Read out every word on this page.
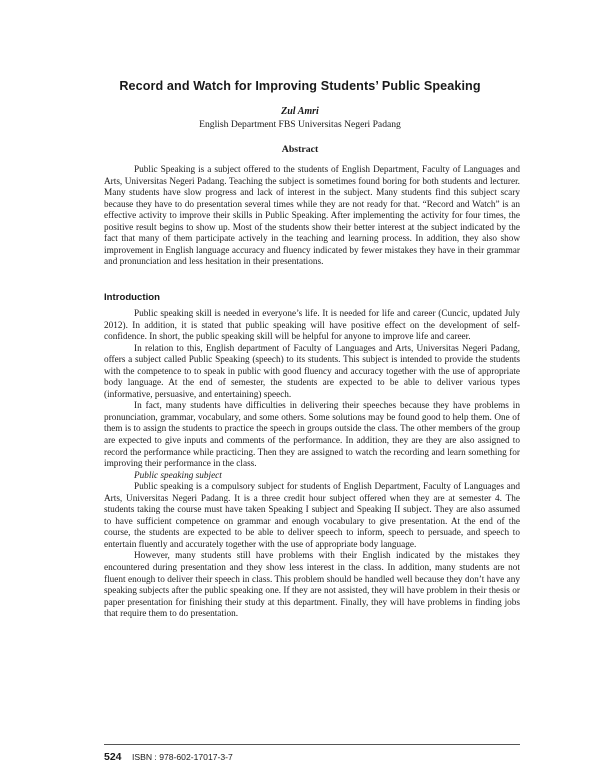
Record and Watch for Improving Students’ Public Speaking
Zul Amri
English Department FBS Universitas Negeri Padang
Abstract

Public Speaking is a subject offered to the students of English Department, Faculty of Languages and Arts, Universitas Negeri Padang. Teaching the subject is sometimes found boring for both students and lecturer. Many students have slow progress and lack of interest in the subject. Many students find this subject scary because they have to do presentation several times while they are not ready for that. “Record and Watch” is an effective activity to improve their skills in Public Speaking. After implementing the activity for four times, the positive result begins to show up. Most of the students show their better interest at the subject indicated by the fact that many of them participate actively in the teaching and learning process. In addition, they also show improvement in English language accuracy and fluency indicated by fewer mistakes they have in their grammar and pronunciation and less hesitation in their presentations.

Introduction

Public speaking skill is needed in everyone’s life. It is needed for life and career (Cuncic, updated July 2012). In addition, it is stated that public speaking will have positive effect on the development of self-confidence. In short, the public speaking skill will be helpful for anyone to improve life and career.

In relation to this, English department of Faculty of Languages and Arts, Universitas Negeri Padang, offers a subject called Public Speaking (speech) to its students. This subject is intended to provide the students with the competence to to speak in public with good fluency and accuracy together with the use of appropriate body language. At the end of semester, the students are expected to be able to deliver various types (informative, persuasive, and entertaining) speech.

In fact, many students have difficulties in delivering their speeches because they have problems in pronunciation, grammar, vocabulary, and some others. Some solutions may be found good to help them. One of them is to assign the students to practice the speech in groups outside the class. The other members of the group are expected to give inputs and comments of the performance. In addition, they are they are also assigned to record the performance while practicing. Then they are assigned to watch the recording and learn something for improving their performance in the class.

Public speaking subject

Public speaking is a compulsory subject for students of English Department, Faculty of Languages and Arts, Universitas Negeri Padang. It is a three credit hour subject offered when they are at semester 4. The students taking the course must have taken Speaking I subject and Speaking II subject. They are also assumed to have sufficient competence on grammar and enough vocabulary to give presentation. At the end of the course, the students are expected to be able to deliver speech to inform, speech to persuade, and speech to entertain fluently and accurately together with the use of appropriate body language.

However, many students still have problems with their English indicated by the mistakes they encountered during presentation and they show less interest in the class. In addition, many students are not fluent enough to deliver their speech in class. This problem should be handled well because they don’t have any speaking subjects after the public speaking one. If they are not assisted, they will have problem in their thesis or paper presentation for finishing their study at this department. Finally, they will have problems in finding jobs that require them to do presentation.

524 ISBN : 978-602-17017-3-7
